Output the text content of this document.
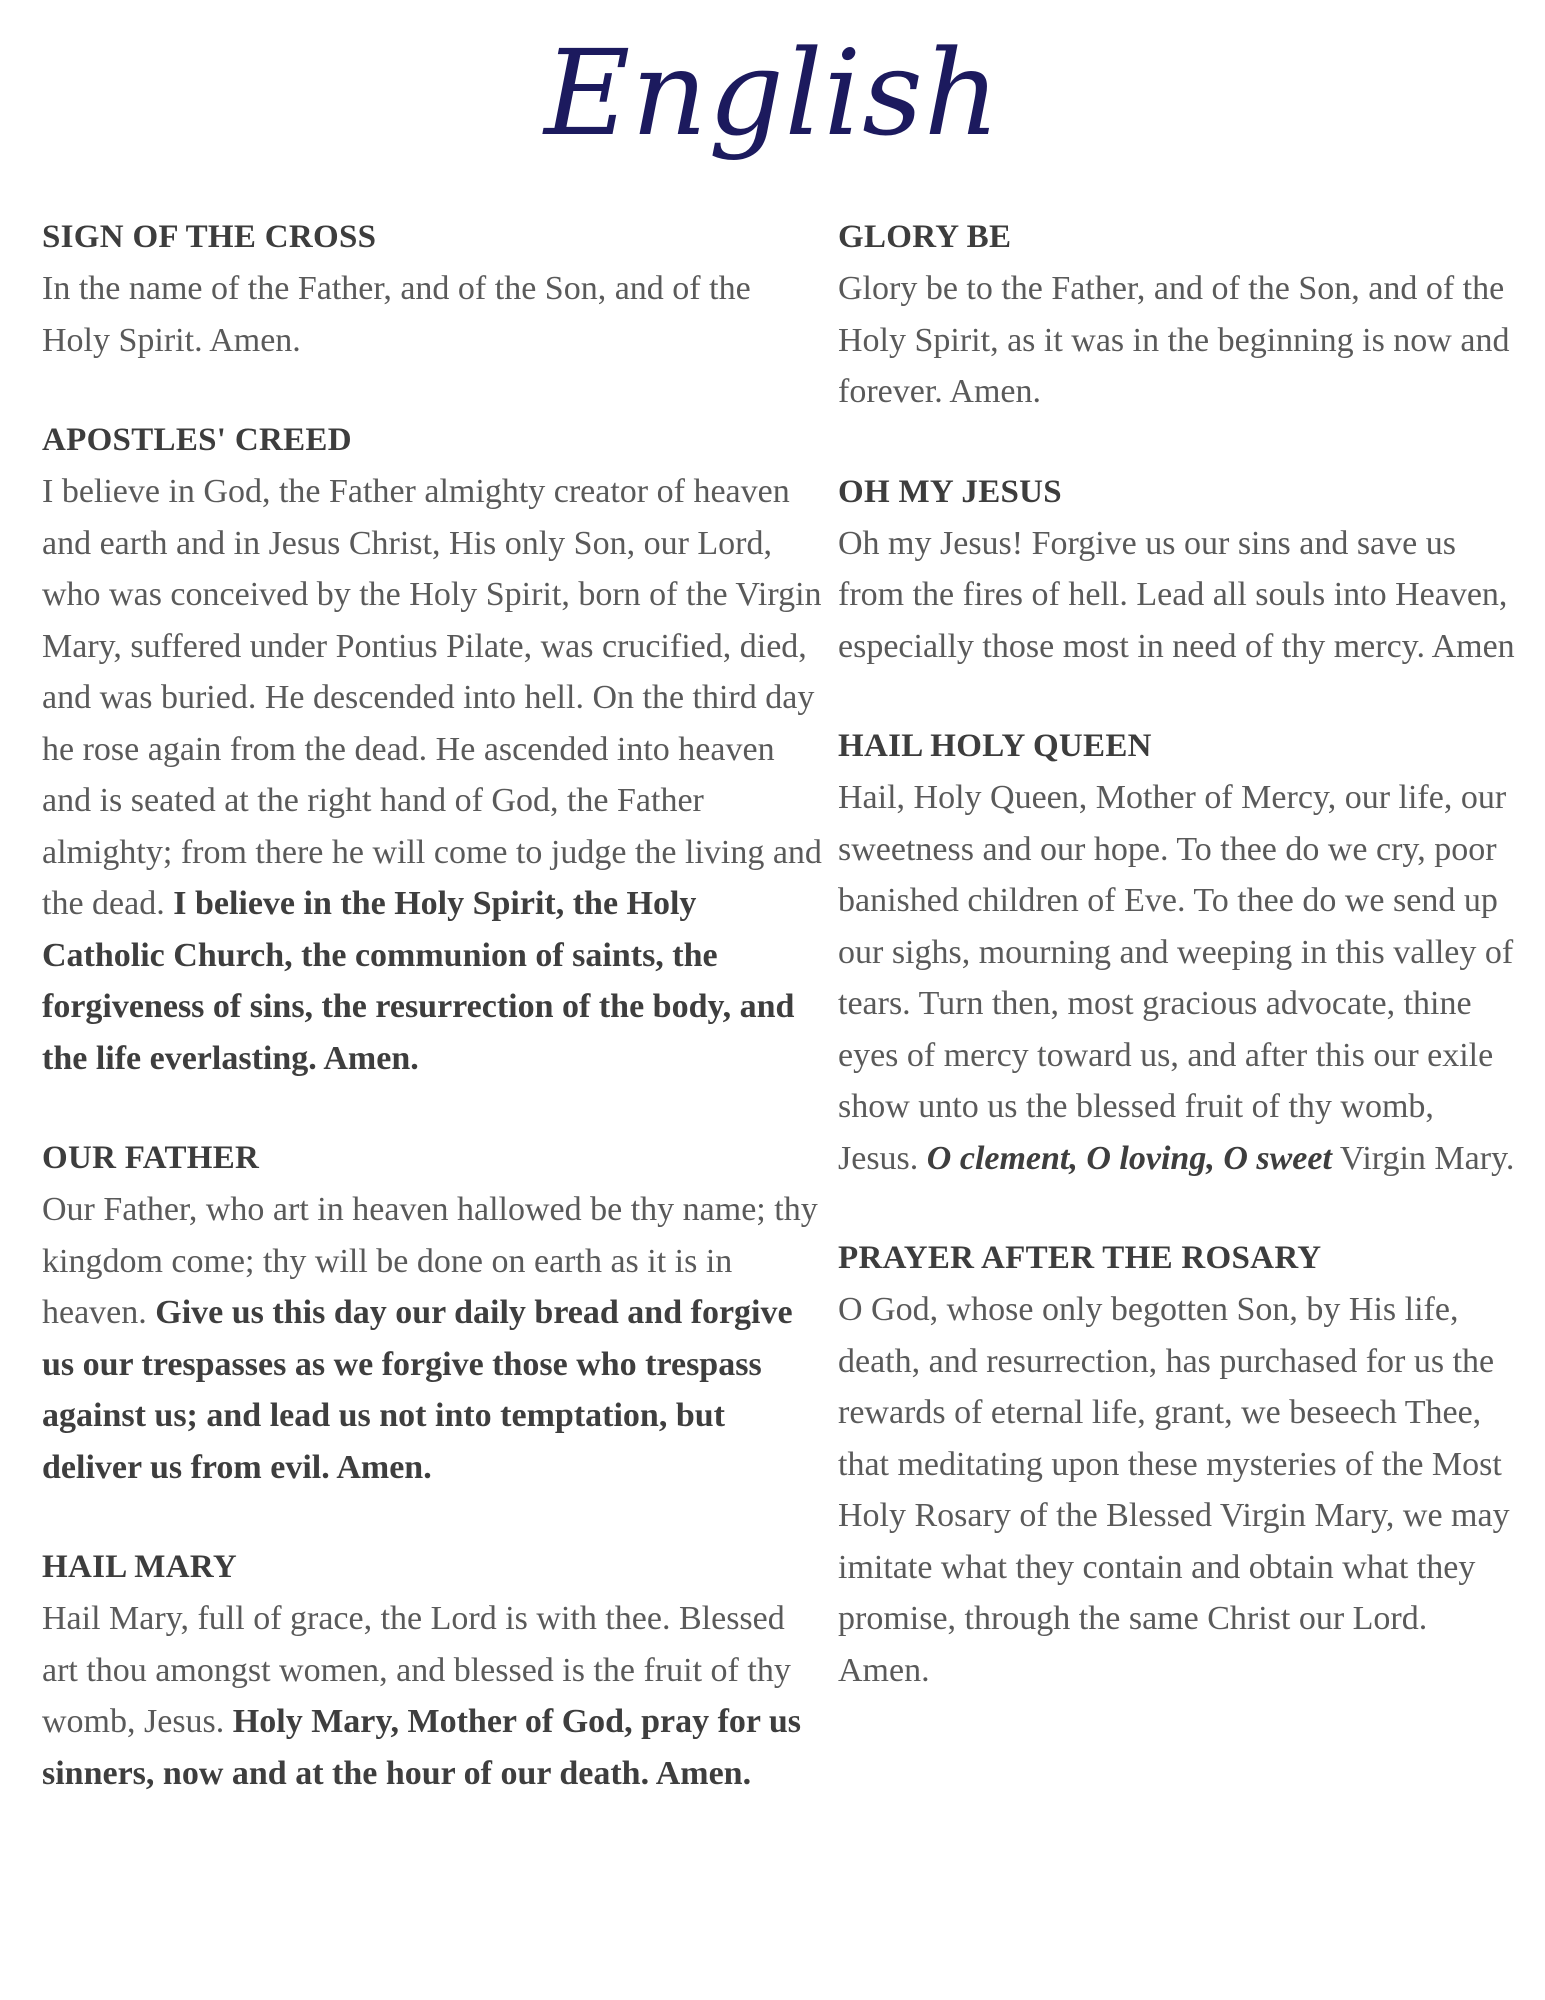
English
SIGN OF THE CROSS

In the name of the Father, and of the Son, and of the Holy Spirit. Amen.

APOSTLES' CREED

I believe in God, the Father almighty creator of heaven and earth and in Jesus Christ, His only Son, our Lord, who was conceived by the Holy Spirit, born of the Virgin Mary, suffered under Pontius Pilate, was crucified, died, and was buried. He descended into hell. On the third day he rose again from the dead. He ascended into heaven and is seated at the right hand of God, the Father almighty; from there he will come to judge the living and the dead. I believe in the Holy Spirit, the Holy Catholic Church, the communion of saints, the forgiveness of sins, the resurrection of the body, and the life everlasting. Amen.

OUR FATHER

Our Father, who art in heaven hallowed be thy name; thy kingdom come; thy will be done on earth as it is in heaven. Give us this day our daily bread and forgive us our trespasses as we forgive those who trespass against us; and lead us not into temptation, but deliver us from evil. Amen.

HAIL MARY

Hail Mary, full of grace, the Lord is with thee. Blessed art thou amongst women, and blessed is the fruit of thy womb, Jesus. Holy Mary, Mother of God, pray for us sinners, now and at the hour of our death. Amen.

GLORY BE

Glory be to the Father, and of the Son, and of the Holy Spirit, as it was in the beginning is now and forever. Amen.

OH MY JESUS

Oh my Jesus! Forgive us our sins and save us from the fires of hell. Lead all souls into Heaven, especially those most in need of thy mercy. Amen

HAIL HOLY QUEEN

Hail, Holy Queen, Mother of Mercy, our life, our sweetness and our hope. To thee do we cry, poor banished children of Eve. To thee do we send up our sighs, mourning and weeping in this valley of tears. Turn then, most gracious advocate, thine eyes of mercy toward us, and after this our exile show unto us the blessed fruit of thy womb, Jesus. O clement, O loving, O sweet Virgin Mary.

PRAYER AFTER THE ROSARY

O God, whose only begotten Son, by His life, death, and resurrection, has purchased for us the rewards of eternal life, grant, we beseech Thee, that meditating upon these mysteries of the Most Holy Rosary of the Blessed Virgin Mary, we may imitate what they contain and obtain what they promise, through the same Christ our Lord. Amen.
